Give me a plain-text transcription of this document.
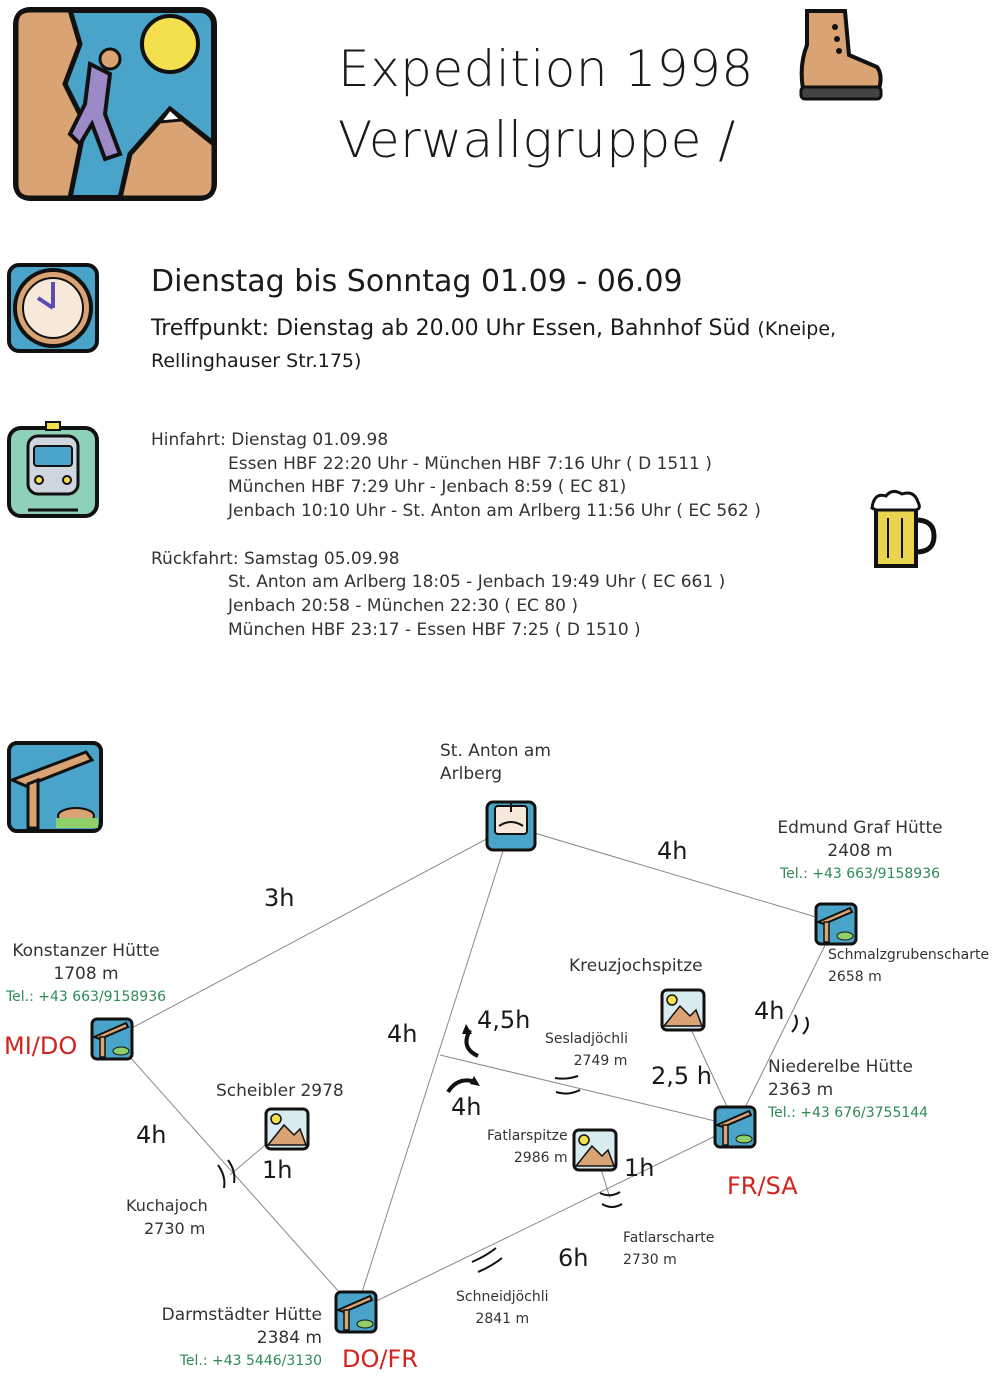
Expedition 1998
Verwallgruppe /
Dienstag bis Sonntag 01.09 - 06.09
Treffpunkt: Dienstag ab 20.00 Uhr Essen, Bahnhof Süd (Kneipe,
Rellinghauser Str.175)
Hinfahrt: Dienstag 01.09.98
Essen HBF 22:20 Uhr - München HBF 7:16 Uhr ( D 1511 )
München HBF 7:29 Uhr - Jenbach 8:59 ( EC 81)
Jenbach 10:10 Uhr - St. Anton am Arlberg 11:56 Uhr ( EC 562 )
Rückfahrt: Samstag 05.09.98
St. Anton am Arlberg 18:05 - Jenbach 19:49 Uhr ( EC 661 )
Jenbach 20:58 - München 22:30 ( EC 80 )
München HBF 23:17 - Essen HBF 7:25 ( D 1510 )
St. Anton am
Arlberg
Edmund Graf Hütte
2408 m
Tel.: +43 663/9158936
Schmalzgrubenscharte
2658 m
Konstanzer Hütte
1708 m
Tel.: +43 663/9158936
MI/DO
Kreuzjochspitze
Sesladjöchli
2749 m	Niederelbe Hütte
2363 m
Tel.: +43 676/3755144
FR/SA
Scheibler 2978
Fatlarspitze
2986 m
Kuchajoch
2730 m	Fatlarscharte
2730 m
Schneidjöchli
2841 m
Darmstädter Hütte
2384 m
Tel.: +43 5446/3130 DO/FR
3h
4h
4h
4,5h
4h
4h
2,5 h
4h
1h	1h
6h
